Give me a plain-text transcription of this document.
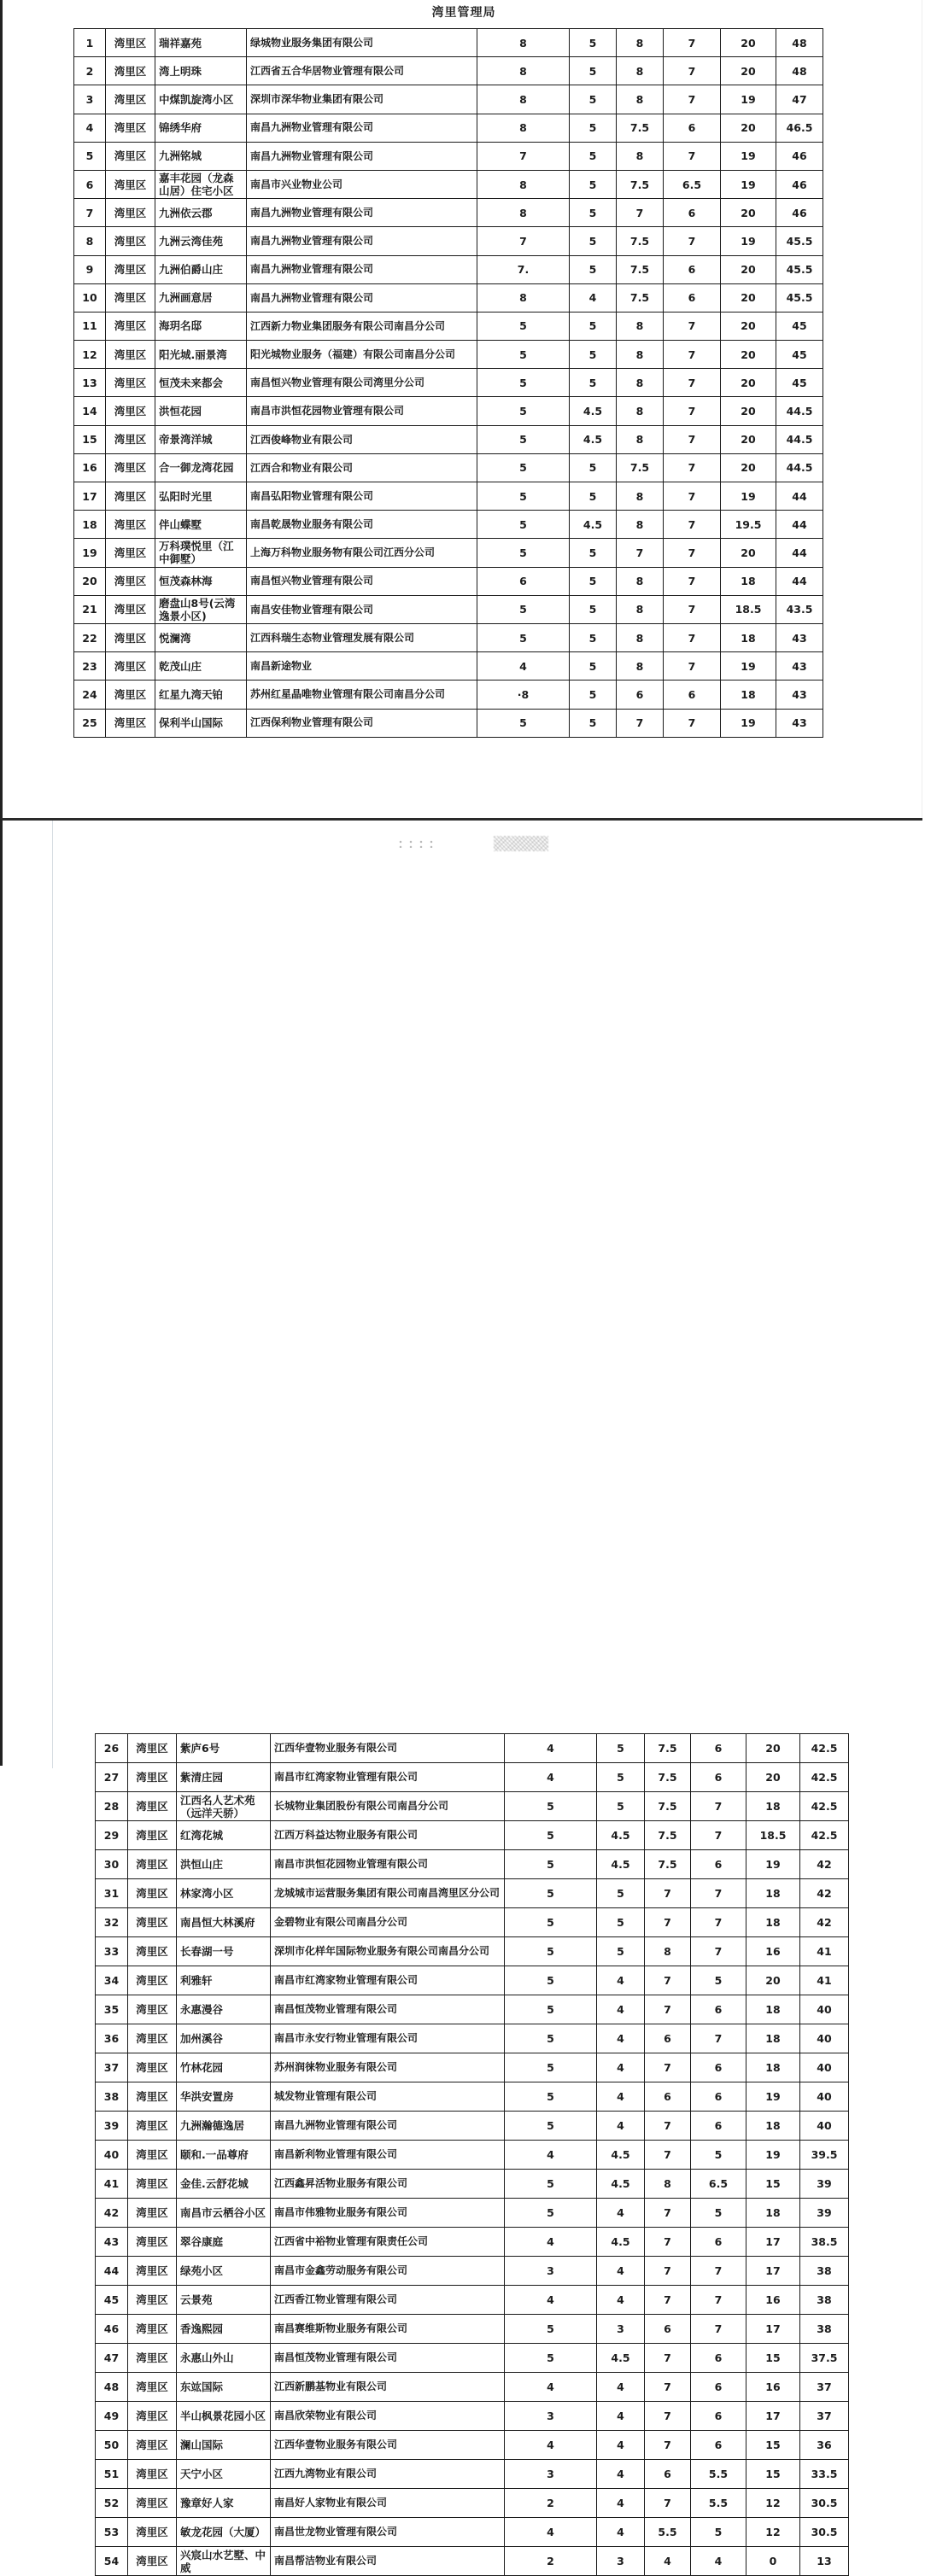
湾里管理局
1	湾里区	瑞祥嘉苑	绿城物业服务集团有限公司	8	5	8	7	20	48
2	湾里区	湾上明珠	江西省五合华居物业管理有限公司	8	5	8	7	20	48
3	湾里区	中煤凯旋湾小区	深圳市深华物业集团有限公司	8	5	8	7	19	47
4	湾里区	锦绣华府	南昌九洲物业管理有限公司	8	5	7.5	6	20	46.5
5	湾里区	九洲铭城	南昌九洲物业管理有限公司	7	5	8	7	19	46
6	湾里区	嘉丰花园（龙森山居）住宅小区	南昌市兴业物业公司	8	5	7.5	6.5	19	46
7	湾里区	九洲依云郡	南昌九洲物业管理有限公司	8	5	7	6	20	46
8	湾里区	九洲云湾佳苑	南昌九洲物业管理有限公司	7	5	7.5	7	19	45.5
9	湾里区	九洲伯爵山庄	南昌九洲物业管理有限公司	7.	5	7.5	6	20	45.5
10	湾里区	九洲画意居	南昌九洲物业管理有限公司	8	4	7.5	6	20	45.5
11	湾里区	海玥名邸	江西新力物业集团服务有限公司南昌分公司	5	5	8	7	20	45
12	湾里区	阳光城.丽景湾	阳光城物业服务（福建）有限公司南昌分公司	5	5	8	7	20	45
13	湾里区	恒茂未来都会	南昌恒兴物业管理有限公司湾里分公司	5	5	8	7	20	45
14	湾里区	洪恒花园	南昌市洪恒花园物业管理有限公司	5	4.5	8	7	20	44.5
15	湾里区	帝景湾洋城	江西俊峰物业有限公司	5	4.5	8	7	20	44.5
16	湾里区	合一御龙湾花园	江西合和物业有限公司	5	5	7.5	7	20	44.5
17	湾里区	弘阳时光里	南昌弘阳物业管理有限公司	5	5	8	7	19	44
18	湾里区	伴山蝶墅	南昌乾晟物业服务有限公司	5	4.5	8	7	19.5	44
19	湾里区	万科璞悦里（江中御墅）	上海万科物业服务物有限公司江西分公司	5	5	7	7	20	44
20	湾里区	恒茂森林海	南昌恒兴物业管理有限公司	6	5	8	7	18	44
21	湾里区	磨盘山8号(云湾逸景小区)	南昌安佳物业管理有限公司	5	5	8	7	18.5	43.5
22	湾里区	悦澜湾	江西科瑞生态物业管理发展有限公司	5	5	8	7	18	43
23	湾里区	乾茂山庄	南昌新途物业	4	5	8	7	19	43
24	湾里区	红星九湾天铂	苏州红星晶唯物业管理有限公司南昌分公司	·8	5	6	6	18	43
25	湾里区	保利半山国际	江西保利物业管理有限公司	5	5	7	7	19	43
26	湾里区	紫庐6号	江西华壹物业服务有限公司	4	5	7.5	6	20	42.5
27	湾里区	紫清庄园	南昌市红湾家物业管理有限公司	4	5	7.5	6	20	42.5
28	湾里区	江西名人艺术苑（远洋天骄）	长城物业集团股份有限公司南昌分公司	5	5	7.5	7	18	42.5
29	湾里区	红湾花城	江西万科益达物业服务有限公司	5	4.5	7.5	7	18.5	42.5
30	湾里区	洪恒山庄	南昌市洪恒花园物业管理有限公司	5	4.5	7.5	6	19	42
31	湾里区	林家湾小区	龙城城市运营服务集团有限公司南昌湾里区分公司	5	5	7	7	18	42
32	湾里区	南昌恒大林溪府	金碧物业有限公司南昌分公司	5	5	7	7	18	42
33	湾里区	长春湖一号	深圳市化样年国际物业服务有限公司南昌分公司	5	5	8	7	16	41
34	湾里区	利雅轩	南昌市红湾家物业管理有限公司	5	4	7	5	20	41
35	湾里区	永惠漫谷	南昌恒茂物业管理有限公司	5	4	7	6	18	40
36	湾里区	加州溪谷	南昌市永安行物业管理有限公司	5	4	6	7	18	40
37	湾里区	竹林花园	苏州润徕物业服务有限公司	5	4	7	6	18	40
38	湾里区	华洪安置房	城发物业管理有限公司	5	4	6	6	19	40
39	湾里区	九洲瀚德逸居	南昌九洲物业管理有限公司	5	4	7	6	18	40
40	湾里区	颐和.一品尊府	南昌新利物业管理有限公司	4	4.5	7	5	19	39.5
41	湾里区	金佳.云舒花城	江西鑫昇活物业服务有限公司	5	4.5	8	6.5	15	39
42	湾里区	南昌市云栖谷小区	南昌市伟雅物业服务有限公司	5	4	7	5	18	39
43	湾里区	翠谷康庭	江西省中裕物业管理有限责任公司	4	4.5	7	6	17	38.5
44	湾里区	绿苑小区	南昌市金鑫劳动服务有限公司	3	4	7	7	17	38
45	湾里区	云景苑	江西香江物业管理有限公司	4	4	7	7	16	38
46	湾里区	香逸熙园	南昌赛维斯物业服务有限公司	5	3	6	7	17	38
47	湾里区	永惠山外山	南昌恒茂物业管理有限公司	5	4.5	7	6	15	37.5
48	湾里区	东竑国际	江西新鹏基物业有限公司	4	4	7	6	16	37
49	湾里区	半山枫景花园小区	南昌欣荣物业有限公司	3	4	7	6	17	37
50	湾里区	澜山国际	江西华壹物业服务有限公司	4	4	7	6	15	36
51	湾里区	天宁小区	江西九湾物业有限公司	3	4	6	5.5	15	33.5
52	湾里区	豫章好人家	南昌好人家物业有限公司	2	4	7	5.5	12	30.5
53	湾里区	敏龙花园（大厦）	南昌世龙物业管理有限公司	4	4	5.5	5	12	30.5
54	湾里区	兴宸山水艺墅、中威	南昌帮洁物业有限公司	2	3	4	4	0	13
